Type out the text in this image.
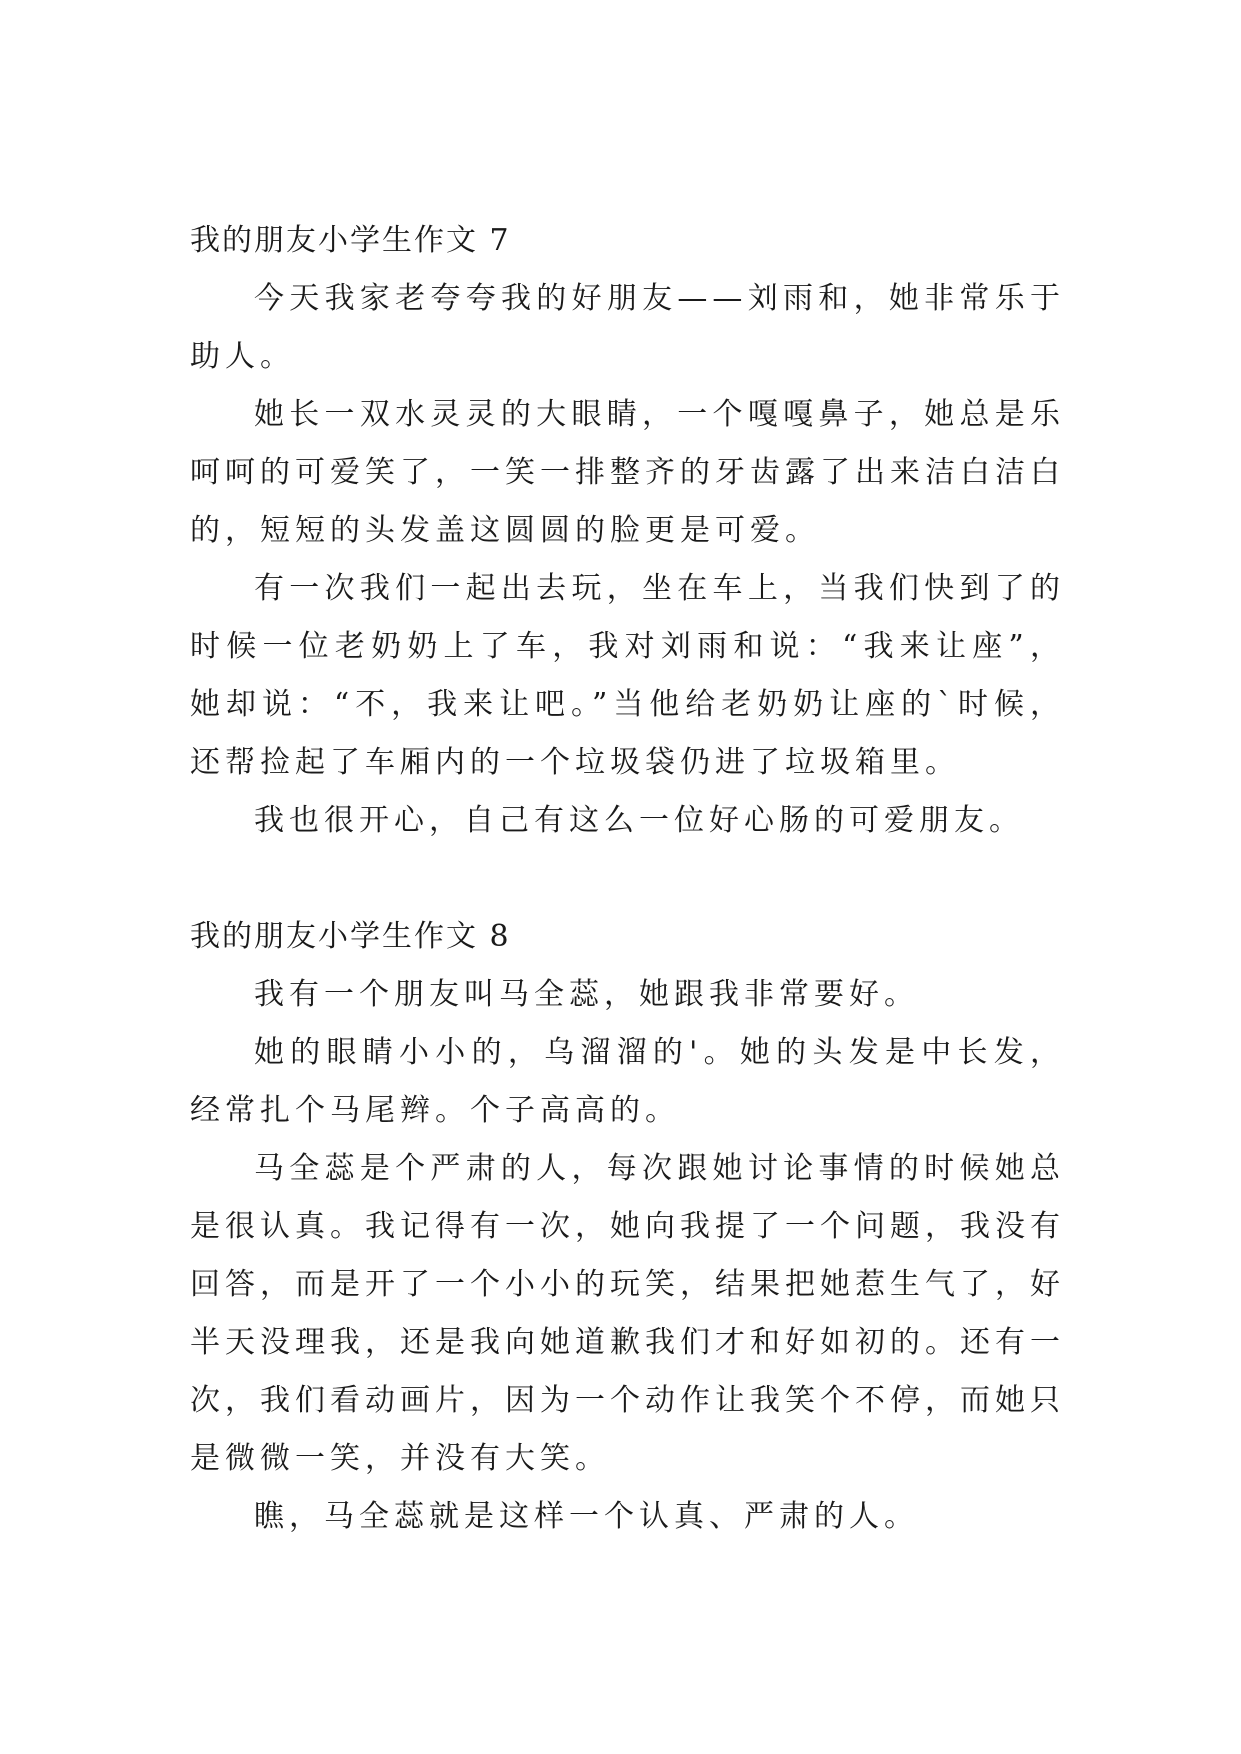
我的朋友小学生作文 7

今天我家老夸夸我的好朋友——刘雨和，她非常乐于助人。

她长一双水灵灵的大眼睛，一个嘎嘎鼻子，她总是乐呵呵的可爱笑了，一笑一排整齐的牙齿露了出来洁白洁白的，短短的头发盖这圆圆的脸更是可爱。

有一次我们一起出去玩，坐在车上，当我们快到了的时候一位老奶奶上了车，我对刘雨和说：“我来让座”，她却说：“不，我来让吧。”当他给老奶奶让座的`时候，还帮捡起了车厢内的一个垃圾袋仍进了垃圾箱里。

我也很开心，自己有这么一位好心肠的可爱朋友。

我的朋友小学生作文 8

我有一个朋友叫马全蕊，她跟我非常要好。

她的眼睛小小的，乌溜溜的'。她的头发是中长发，经常扎个马尾辫。个子高高的。

马全蕊是个严肃的人，每次跟她讨论事情的时候她总是很认真。我记得有一次，她向我提了一个问题，我没有回答，而是开了一个小小的玩笑，结果把她惹生气了，好半天没理我，还是我向她道歉我们才和好如初的。还有一次，我们看动画片，因为一个动作让我笑个不停，而她只是微微一笑，并没有大笑。

瞧，马全蕊就是这样一个认真、严肃的人。
